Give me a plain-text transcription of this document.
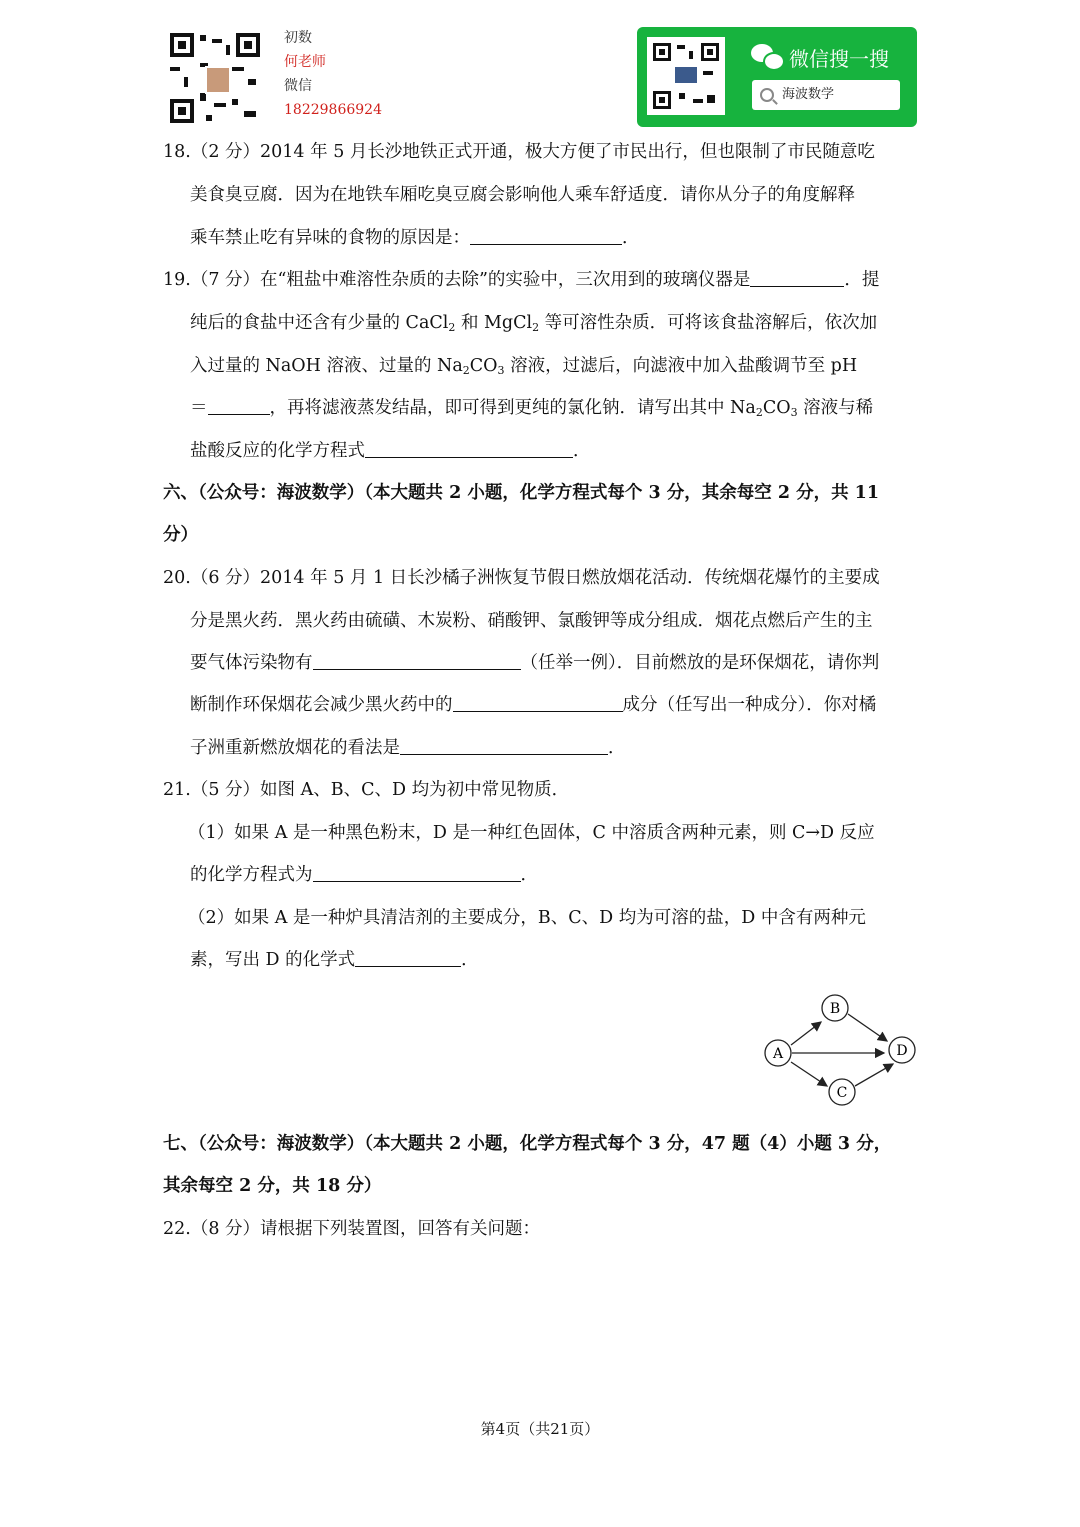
初数
何老师
微信
18229866924
微信搜一搜
海波数学
18.（2 分）2014 年 5 月长沙地铁正式开通，极大方便了市民出行，但也限制了市民随意吃
美食臭豆腐．因为在地铁车厢吃臭豆腐会影响他人乘车舒适度．请你从分子的角度解释
乘车禁止吃有异味的食物的原因是：	．
19.（7 分）在“粗盐中难溶性杂质的去除”的实验中，三次用到的玻璃仪器是	．提
纯后的食盐中还含有少量的 CaCl$_2$ 和 MgCl$_2$ 等可溶性杂质．可将该食盐溶解后，依次加
入过量的 NaOH 溶液、过量的 $Na_2CO_3$ 溶液，过滤后，向滤液中加入盐酸调节至 pH
＝	，再将滤液蒸发结晶，即可得到更纯的氯化钠．请写出其中 $Na_2CO_3$ 溶液与稀
盐酸反应的化学方程式	．
六、（公众号：海波数学）（本大题共 2 小题，化学方程式每个 3 分，其余每空 2 分，共 11
分）
20.（6 分）2014 年 5 月 1 日长沙橘子洲恢复节假日燃放烟花活动．传统烟花爆竹的主要成
分是黑火药．黑火药由硫磺、木炭粉、硝酸钾、氯酸钾等成分组成．烟花点燃后产生的主
要气体污染物有	（任举一例）．目前燃放的是环保烟花，请你判
断制作环保烟花会减少黑火药中的	成分（任写出一种成分）．你对橘
子洲重新燃放烟花的看法是	．
21.（5 分）如图 A、B、C、D 均为初中常见物质．
（1）如果 A 是一种黑色粉末，D 是一种红色固体，C 中溶质含两种元素，则 C→D 反应
的化学方程式为	．
（2）如果 A 是一种炉具清洁剂的主要成分，B、C、D 均为可溶的盐，D 中含有两种元
素，写出 D 的化学式	．
A
B
C
D
七、（公众号：海波数学）（本大题共 2 小题，化学方程式每个 3 分，47 题（4）小题 3 分，
其余每空 2 分，共 18 分）
22.（8 分）请根据下列装置图，回答有关问题：
第4页（共21页）
